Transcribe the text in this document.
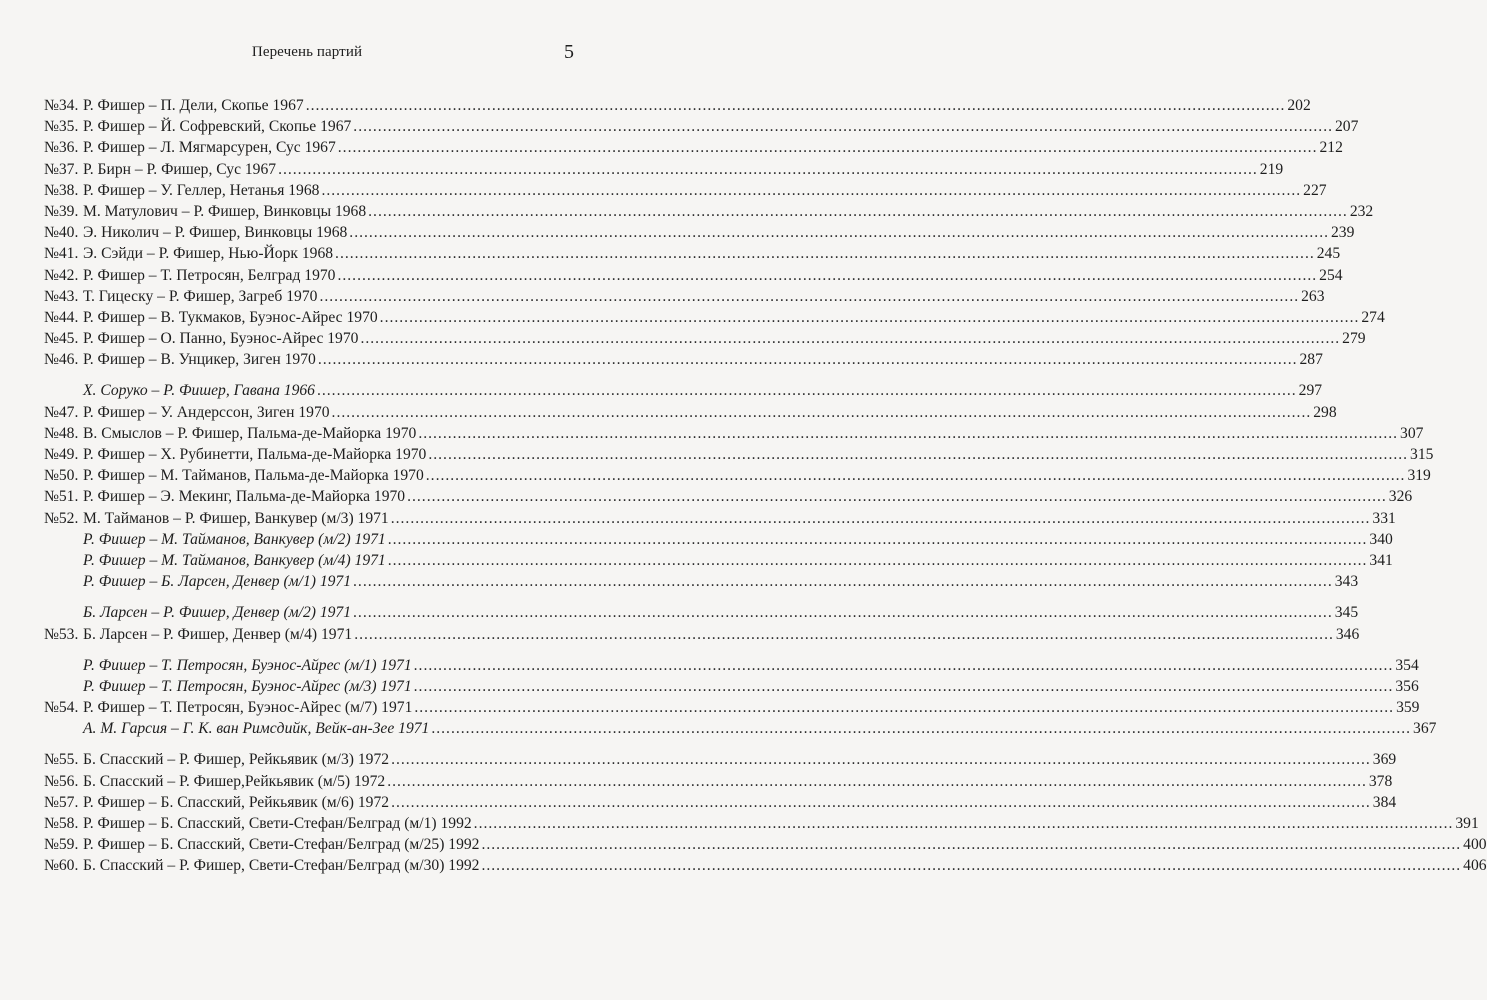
Перечень партий	5
№34. Р. Фишер – П. Дели, Скопье 1967 ........................................................................................................................................................................................................ 202
№35. Р. Фишер – Й. Софревский, Скопье 1967 ........................................................................................................................................................................................................ 207
№36. Р. Фишер – Л. Мягмарсурен, Сус 1967 ........................................................................................................................................................................................................ 212
№37. Р. Бирн – Р. Фишер, Сус 1967 ........................................................................................................................................................................................................ 219
№38. Р. Фишер – У. Геллер, Нетанья 1968 ........................................................................................................................................................................................................ 227
№39. М. Матулович – Р. Фишер, Винковцы 1968 ........................................................................................................................................................................................................ 232
№40. Э. Николич – Р. Фишер, Винковцы 1968 ........................................................................................................................................................................................................ 239
№41. Э. Сэйди – Р. Фишер, Нью-Йорк 1968 ........................................................................................................................................................................................................ 245
№42. Р. Фишер – Т. Петросян, Белград 1970 ........................................................................................................................................................................................................ 254
№43. Т. Гицеску – Р. Фишер, Загреб 1970 ........................................................................................................................................................................................................ 263
№44. Р. Фишер – В. Тукмаков, Буэнос-Айрес 1970 ........................................................................................................................................................................................................ 274
№45. Р. Фишер – О. Панно, Буэнос-Айрес 1970 ........................................................................................................................................................................................................ 279
№46. Р. Фишер – В. Унцикер, Зиген 1970 ........................................................................................................................................................................................................ 287
Х. Соруко – Р. Фишер, Гавана 1966 ........................................................................................................................................................................................................ 297
№47. Р. Фишер – У. Андерссон, Зиген 1970 ........................................................................................................................................................................................................ 298
№48. В. Смыслов – Р. Фишер, Пальма-де-Майорка 1970 ........................................................................................................................................................................................................ 307
№49. Р. Фишер – Х. Рубинетти, Пальма-де-Майорка 1970 ........................................................................................................................................................................................................ 315
№50. Р. Фишер – М. Тайманов, Пальма-де-Майорка 1970 ........................................................................................................................................................................................................ 319
№51. Р. Фишер – Э. Мекинг, Пальма-де-Майорка 1970 ........................................................................................................................................................................................................ 326
№52. М. Тайманов – Р. Фишер, Ванкувер (м/3) 1971 ........................................................................................................................................................................................................ 331
Р. Фишер – М. Тайманов, Ванкувер (м/2) 1971 ........................................................................................................................................................................................................ 340
Р. Фишер – М. Тайманов, Ванкувер (м/4) 1971 ........................................................................................................................................................................................................ 341
Р. Фишер – Б. Ларсен, Денвер (м/1) 1971 ........................................................................................................................................................................................................ 343
Б. Ларсен – Р. Фишер, Денвер (м/2) 1971 ........................................................................................................................................................................................................ 345
№53. Б. Ларсен – Р. Фишер, Денвер (м/4) 1971 ........................................................................................................................................................................................................ 346
Р. Фишер – Т. Петросян, Буэнос-Айрес (м/1) 1971 ........................................................................................................................................................................................................ 354
Р. Фишер – Т. Петросян, Буэнос-Айрес (м/3) 1971 ........................................................................................................................................................................................................ 356
№54. Р. Фишер – Т. Петросян, Буэнос-Айрес (м/7) 1971 ........................................................................................................................................................................................................ 359
А. М. Гарсия – Г. К. ван Римсдийк, Вейк-ан-Зее 1971 ........................................................................................................................................................................................................ 367
№55. Б. Спасский – Р. Фишер, Рейкьявик (м/3) 1972 ........................................................................................................................................................................................................ 369
№56. Б. Спасский – Р. Фишер,Рейкьявик (м/5) 1972 ........................................................................................................................................................................................................ 378
№57. Р. Фишер – Б. Спасский, Рейкьявик (м/6) 1972 ........................................................................................................................................................................................................ 384
№58. Р. Фишер – Б. Спасский, Свети-Стефан/Белград (м/1) 1992 ........................................................................................................................................................................................................ 391
№59. Р. Фишер – Б. Спасский, Свети-Стефан/Белград (м/25) 1992 ........................................................................................................................................................................................................ 400
№60. Б. Спасский – Р. Фишер, Свети-Стефан/Белград (м/30) 1992 ........................................................................................................................................................................................................ 406
